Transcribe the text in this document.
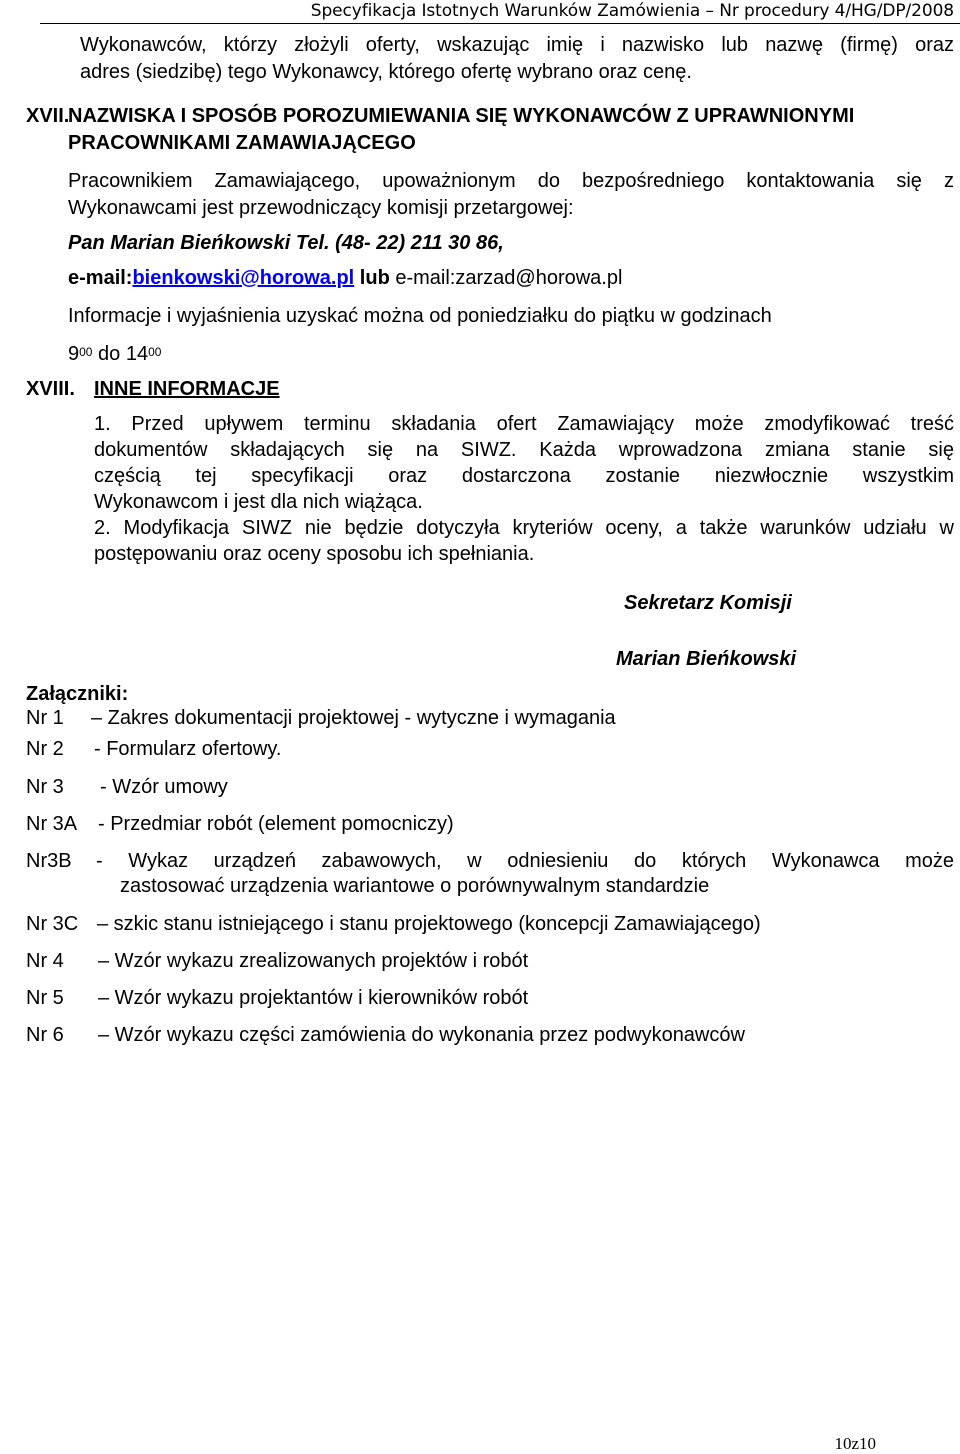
Specyfikacja Istotnych Warunków Zamówienia – Nr procedury 4/HG/DP/2008
Wykonawców, którzy złożyli oferty, wskazując imię i nazwisko lub nazwę (firmę) oraz
adres (siedzibę) tego Wykonawcy, którego ofertę wybrano oraz cenę.
XVII.
NAZWISKA I SPOSÓB POROZUMIEWANIA SIĘ WYKONAWCÓW Z UPRAWNIONYMI
PRACOWNIKAMI ZAMAWIAJĄCEGO
Pracownikiem Zamawiającego, upoważnionym do bezpośredniego kontaktowania się z
Wykonawcami jest przewodniczący komisji przetargowej:
Pan Marian Bieńkowski Tel. (48- 22) 211 30 86,
e-mail:bienkowski@horowa.pl lub e-mail:zarzad@horowa.pl
Informacje i wyjaśnienia uzyskać można od poniedziałku do piątku w godzinach
$9^{00}$ do $14^{00}$
XVIII. INNE INFORMACJE
1. Przed upływem terminu składania ofert Zamawiający może zmodyfikować treść
dokumentów składających się na SIWZ. Każda wprowadzona zmiana stanie się
częścią tej specyfikacji oraz dostarczona zostanie niezwłocznie wszystkim
Wykonawcom i jest dla nich wiążąca.
2. Modyfikacja SIWZ nie będzie dotyczyła kryteriów oceny, a także warunków udziału w
postępowaniu oraz oceny sposobu ich spełniania.
Sekretarz Komisji
Marian Bieńkowski
Załączniki:
Nr 1 – Zakres dokumentacji projektowej - wytyczne i wymagania
Nr 2 - Formularz ofertowy.
Nr 3 - Wzór umowy
Nr 3A - Przedmiar robót (element pomocniczy)
Nr3B - Wykaz urządzeń zabawowych, w odniesieniu do których Wykonawca może
zastosować urządzenia wariantowe o porównywalnym standardzie
Nr 3C – szkic stanu istniejącego i stanu projektowego (koncepcji Zamawiającego)
Nr 4 – Wzór wykazu zrealizowanych projektów i robót
Nr 5 – Wzór wykazu projektantów i kierowników robót
Nr 6 – Wzór wykazu części zamówienia do wykonania przez podwykonawców
10z10
